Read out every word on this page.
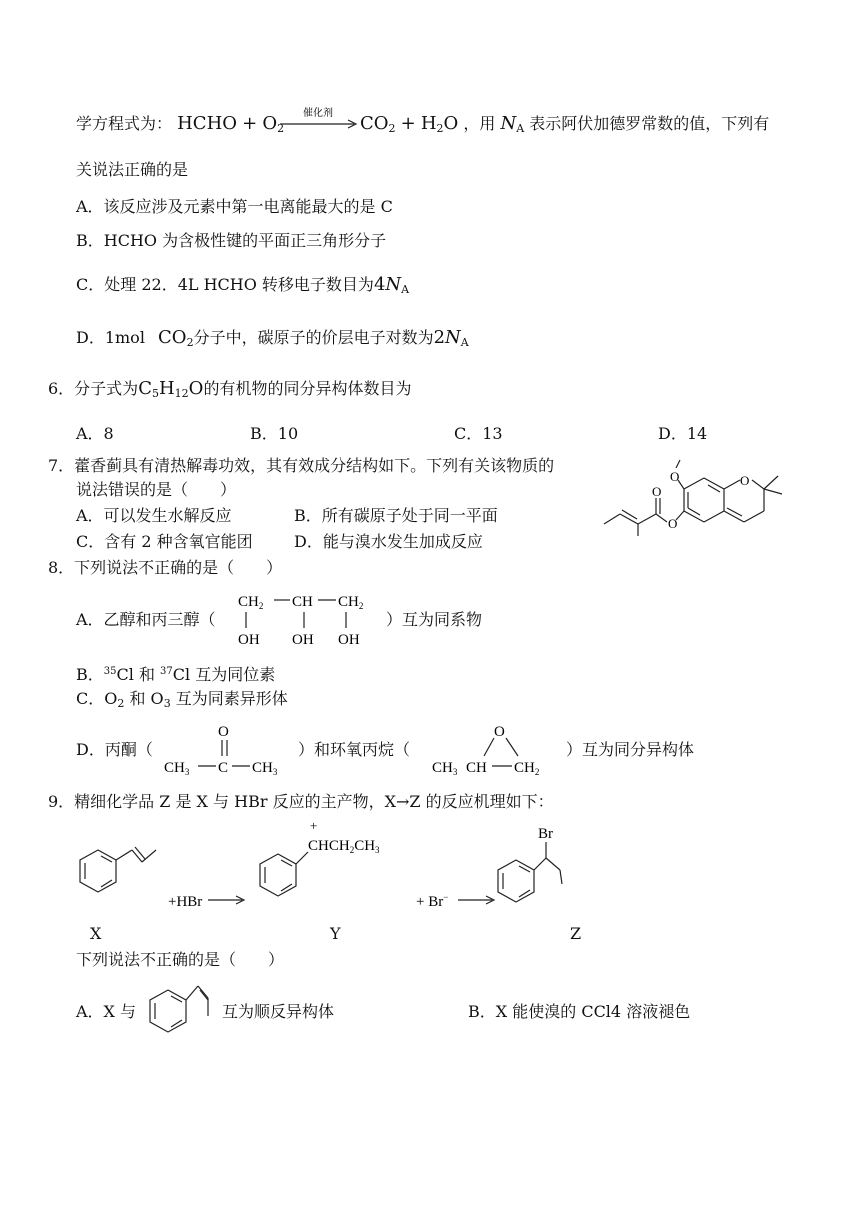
学方程式为： HCHO + $O_2$
催化剂 $CO_2 + H_2O$ ，用 $N_A$ 表示阿伏加德罗常数的值，下列有
关说法正确的是
A．该反应涉及元素中第一电离能最大的是 C
B．HCHO 为含极性键的平面正三角形分子
C．处理 22．4L HCHO 转移电子数目为$4N_A$
D．1mol $CO_2$分子中，碳原子的价层电子对数为$2N_A$
6．分子式为$C_5H_{12}O$的有机物的同分异构体数目为
A．8	B．10	C．13	D．14
7．藿香蓟具有清热解毒功效，其有效成分结构如下。下列有关该物质的
说法错误的是（　　）
A．可以发生水解反应	B．所有碳原子处于同一平面
C．含有 2 种含氧官能团	D．能与溴水发生加成反应
O
O
O
O
8．下列说法不正确的是（　　）
A．乙醇和丙三醇（
$CH_2$ CH $CH_2$
OH OH OH
）互为同系物
B．$^{35}$Cl 和 $^{37}$Cl 互为同位素
C．$O_2$ 和 $O_3$ 互为同素异形体
D．丙酮（
O
$CH_3$ C $CH_3$
）和环氧丙烷（
O
$CH_3$ CH $CH_2$
）互为同分异构体
9．精细化学品 Z 是 X 与 HBr 反应的主产物，X→Z 的反应机理如下：
+HBr
+
$CHCH_2CH_3$
+ Br−
Br
X	Y	Z
下列说法不正确的是（　　）
A．X 与	互为顺反异构体	B．X 能使溴的 CCl4 溶液褪色
